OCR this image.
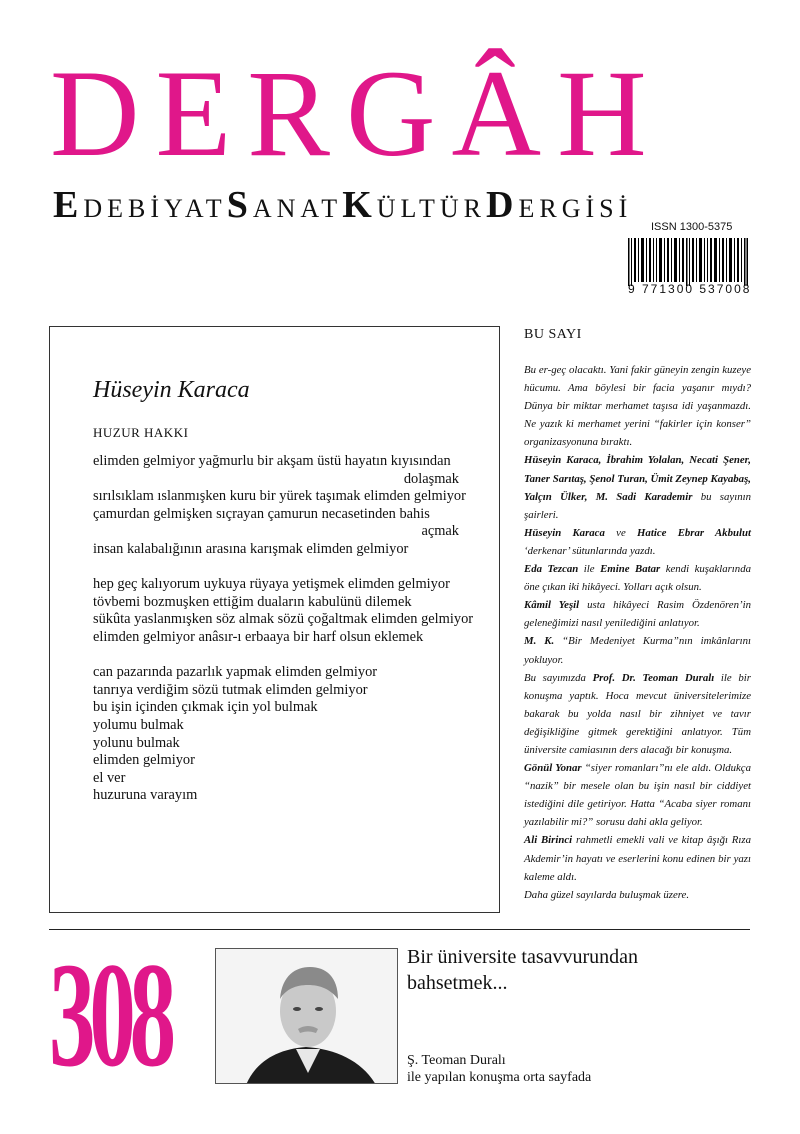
DERGÂH
EDEBİYATSANATKÜLTÜRDERGİSİ
ISSN 1300-5375
9 771300 537008
Hüseyin Karaca
HUZUR HAKKI
elimden gelmiyor yağmurlu bir akşam üstü hayatın kıyısından
dolaşmak
sırılsıklam ıslanmışken kuru bir yürek taşımak elimden gelmiyor
çamurdan gelmişken sıçrayan çamurun necasetinden bahis
açmak
insan kalabalığının arasına karışmak elimden gelmiyor
hep geç kalıyorum uykuya rüyaya yetişmek elimden gelmiyor
tövbemi bozmuşken ettiğim duaların kabulünü dilemek
sükûta yaslanmışken söz almak sözü çoğaltmak elimden gelmiyor
elimden gelmiyor anâsır-ı erbaaya bir harf olsun eklemek
can pazarında pazarlık yapmak elimden gelmiyor
tanrıya verdiğim sözü tutmak elimden gelmiyor
bu işin içinden çıkmak için yol bulmak
yolumu bulmak
yolunu bulmak
elimden gelmiyor
el ver
huzuruna varayım
BU SAYI

Bu er-geç olacaktı. Yani fakir güneyin zengin kuzeye hücumu. Ama böylesi bir facia yaşanır mıydı? Dünya bir miktar merhamet taşısa idi yaşanmazdı. Ne yazık ki merhamet yerini “fakirler için konser” organizasyonuna bıraktı.

Hüseyin Karaca, İbrahim Yolalan, Necati Şener, Taner Sarıtaş, Şenol Turan, Ümit Zeynep Kayabaş, Yalçın Ülker, M. Sadi Karademir bu sayının şairleri.

Hüseyin Karaca ve Hatice Ebrar Akbulut ‘derkenar’ sütunlarında yazdı.

Eda Tezcan ile Emine Batar kendi kuşaklarında öne çıkan iki hikâyeci. Yolları açık olsun.

Kâmil Yeşil usta hikâyeci Rasim Özdenören’in geleneğimizi nasıl yenilediğini anlatıyor.

M. K. “Bir Medeniyet Kurma”nın imkânlarını yokluyor.

Bu sayımızda Prof. Dr. Teoman Duralı ile bir konuşma yaptık. Hoca mevcut üniversitelerimize bakarak bu yolda nasıl bir zihniyet ve tavır değişikliğine gitmek gerektiğini anlatıyor. Tüm üniversite camiasının ders alacağı bir konuşma.

Gönül Yonar “siyer romanları”nı ele aldı. Oldukça “nazik” bir mesele olan bu işin nasıl bir ciddiyet istediğini dile getiriyor. Hatta “Acaba siyer romanı yazılabilir mi?” sorusu dahi akla geliyor.

Ali Birinci rahmetli emekli vali ve kitap âşığı Rıza Akdemir’in hayatı ve eserlerini konu edinen bir yazı kaleme aldı.

Daha güzel sayılarda buluşmak üzere.

308	Bir üniversite tasavvurundan bahsetmek...
Ş. Teoman Duralı
ile yapılan konuşma orta sayfada
